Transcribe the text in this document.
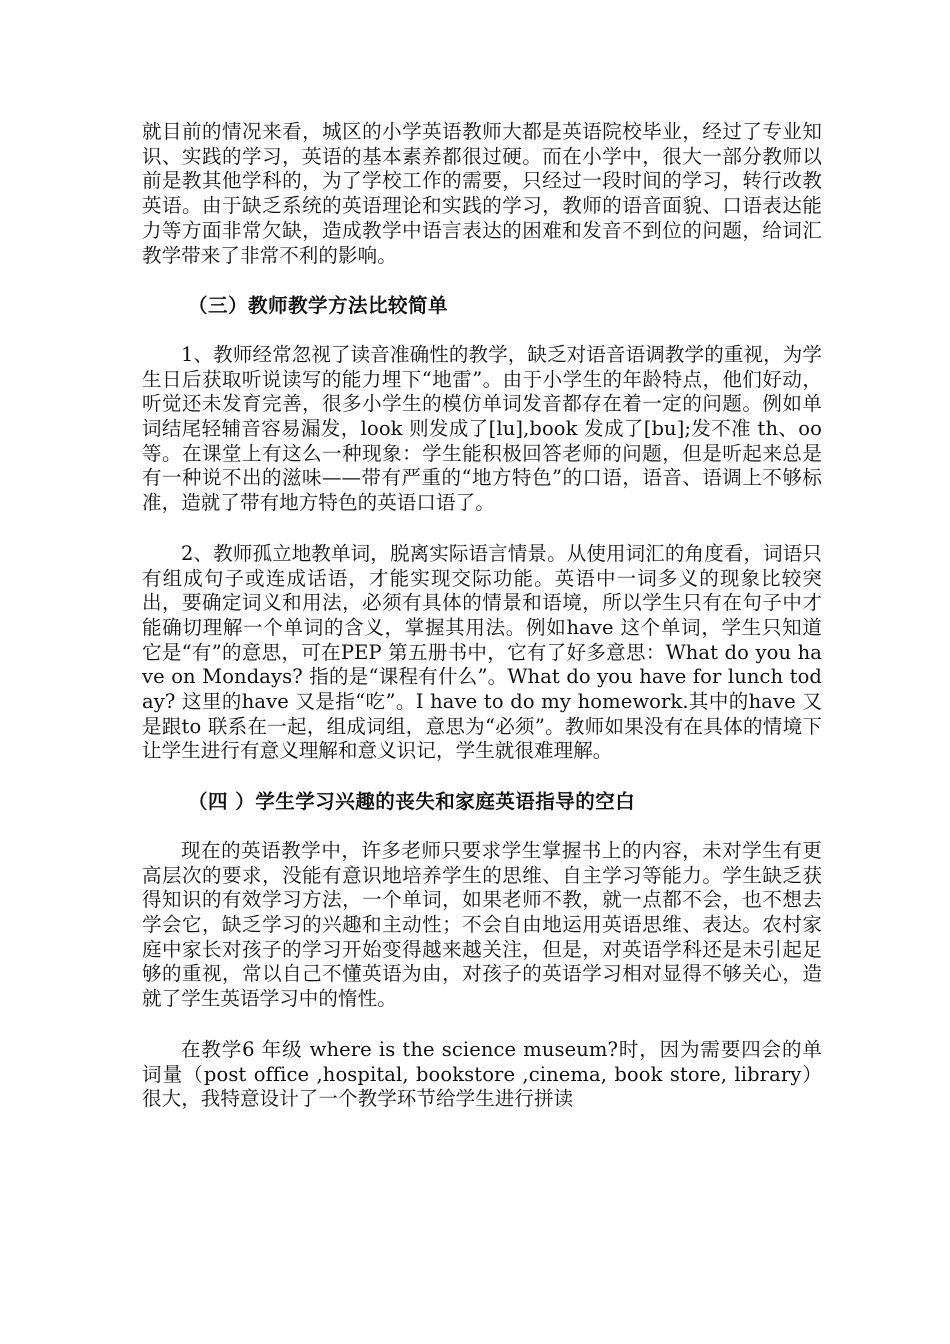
就目前的情况来看，城区的小学英语教师大都是英语院校毕业，经过了专业知识、实践的学习，英语的基本素养都很过硬。而在小学中，很大一部分教师以前是教其他学科的，为了学校工作的需要，只经过一段时间的学习，转行改教英语。由于缺乏系统的英语理论和实践的学习，教师的语音面貌、口语表达能力等方面非常欠缺，造成教学中语言表达的困难和发音不到位的问题，给词汇教学带来了非常不利的影响。

（三）教师教学方法比较简单

1、教师经常忽视了读音准确性的教学，缺乏对语音语调教学的重视，为学生日后获取听说读写的能力埋下“地雷”。由于小学生的年龄特点，他们好动，听觉还未发育完善，很多小学生的模仿单词发音都存在着一定的问题。例如单词结尾轻辅音容易漏发，look 则发成了[lu],book 发成了[bu];发不准 th、oo 等。在课堂上有这么一种现象：学生能积极回答老师的问题，但是听起来总是有一种说不出的滋味——带有严重的“地方特色”的口语，语音、语调上不够标准，造就了带有地方特色的英语口语了。

2、教师孤立地教单词，脱离实际语言情景。从使用词汇的角度看，词语只有组成句子或连成话语，才能实现交际功能。英语中一词多义的现象比较突出，要确定词义和用法，必须有具体的情景和语境，所以学生只有在句子中才能确切理解一个单词的含义，掌握其用法。例如have 这个单词，学生只知道它是“有”的意思，可在PEP 第五册书中，它有了好多意思：What do you have on Mondays? 指的是“课程有什么”。What do you have for lunch today? 这里的have 又是指“吃”。I have to do my homework.其中的have 又是跟to 联系在一起，组成词组，意思为“必须”。教师如果没有在具体的情境下让学生进行有意义理解和意义识记，学生就很难理解。

（四 ）学生学习兴趣的丧失和家庭英语指导的空白

现在的英语教学中，许多老师只要求学生掌握书上的内容，未对学生有更高层次的要求，没能有意识地培养学生的思维、自主学习等能力。学生缺乏获得知识的有效学习方法，一个单词，如果老师不教，就一点都不会，也不想去学会它，缺乏学习的兴趣和主动性；不会自由地运用英语思维、表达。农村家庭中家长对孩子的学习开始变得越来越关注，但是，对英语学科还是未引起足够的重视，常以自己不懂英语为由，对孩子的英语学习相对显得不够关心，造就了学生英语学习中的惰性。

在教学6 年级 where is the science museum?时，因为需要四会的单词量（post office ,hospital, bookstore ,cinema, book store, library）很大，我特意设计了一个教学环节给学生进行拼读
